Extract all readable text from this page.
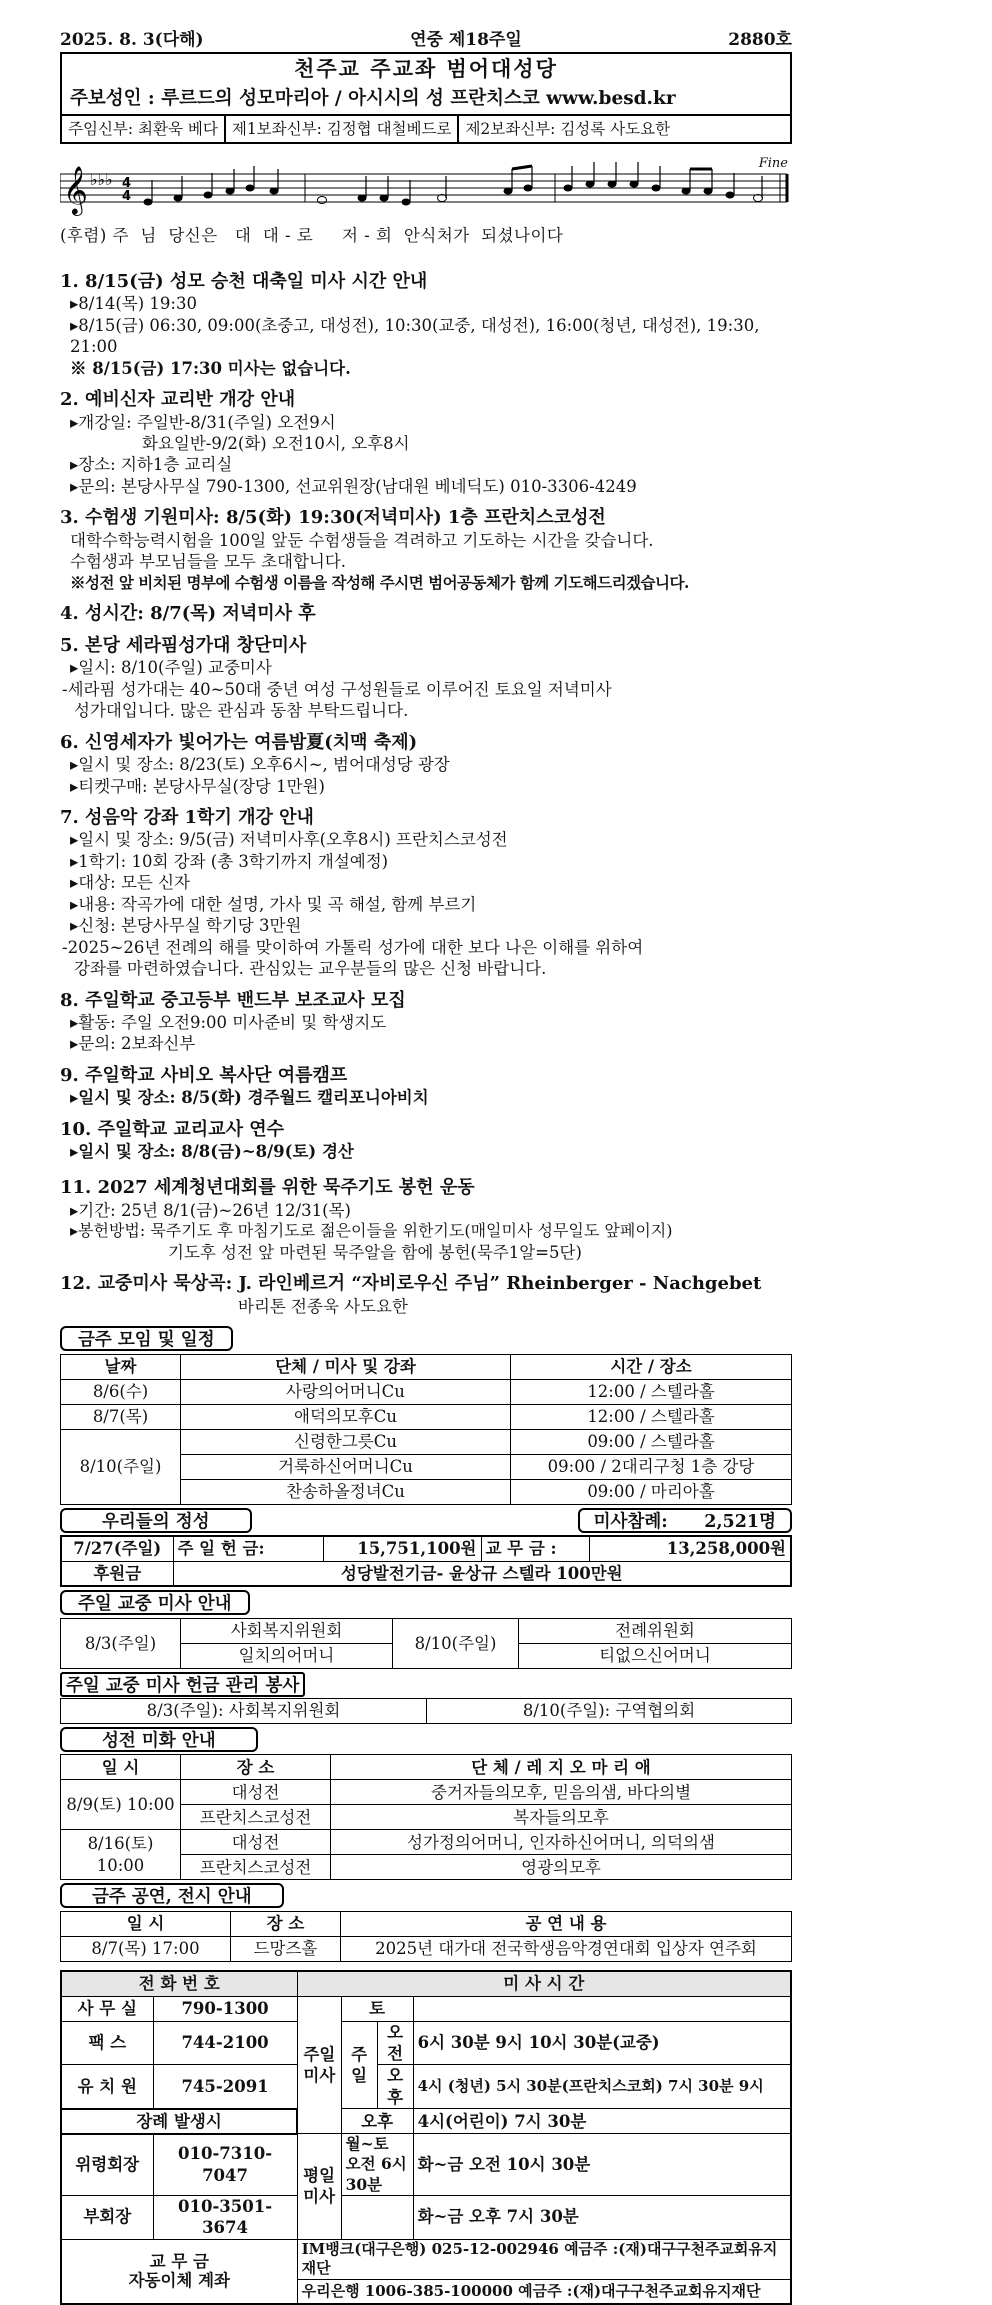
2025. 8. 3(다해)	연중 제18주일	2880호
천주교 주교좌 범어대성당
주보성인 : 루르드의 성모마리아 / 아시시의 성 프란치스코 www.besd.kr
주임신부: 최환욱 베다 제1보좌신부: 김정협 대철베드로 제2보좌신부: 김성록 사도요한
𝄞 ♭♭♭ 4
4
Fine
(후렴) 주  님  당신은   대  대 - 로     저 - 희  안식처가  되셨나이다
1. 8/15(금) 성모 승천 대축일 미사 시간 안내
▸8/14(목) 19:30
▸8/15(금) 06:30, 09:00(초중고, 대성전), 10:30(교중, 대성전), 16:00(청년, 대성전), 19:30, 21:00
※ 8/15(금) 17:30 미사는 없습니다.
2. 예비신자 교리반 개강 안내
▸개강일: 주일반-8/31(주일) 오전9시
화요일반-9/2(화) 오전10시, 오후8시
▸장소: 지하1층 교리실
▸문의: 본당사무실 790-1300, 선교위원장(남대원 베네딕도) 010-3306-4249
3. 수험생 기원미사: 8/5(화) 19:30(저녁미사) 1층 프란치스코성전
대학수학능력시험을 100일 앞둔 수험생들을 격려하고 기도하는 시간을 갖습니다.
수험생과 부모님들을 모두 초대합니다.
※성전 앞 비치된 명부에 수험생 이름을 작성해 주시면 범어공동체가 함께 기도해드리겠습니다.
4. 성시간: 8/7(목) 저녁미사 후
5. 본당 세라핌성가대 창단미사
▸일시: 8/10(주일) 교중미사
-세라핌 성가대는 40~50대 중년 여성 구성원들로 이루어진 토요일 저녁미사
성가대입니다. 많은 관심과 동참 부탁드립니다.
6. 신영세자가 빛어가는 여름밤夏(치맥 축제)
▸일시 및 장소: 8/23(토) 오후6시~, 범어대성당 광장
▸티켓구매: 본당사무실(장당 1만원)
7. 성음악 강좌 1학기 개강 안내
▸일시 및 장소: 9/5(금) 저녁미사후(오후8시) 프란치스코성전
▸1학기: 10회 강좌 (총 3학기까지 개설예정)
▸대상: 모든 신자
▸내용: 작곡가에 대한 설명, 가사 및 곡 해설, 함께 부르기
▸신청: 본당사무실 학기당 3만원
-2025~26년 전례의 해를 맞이하여 가톨릭 성가에 대한 보다 나은 이해를 위하여
강좌를 마련하였습니다. 관심있는 교우분들의 많은 신청 바랍니다.
8. 주일학교 중고등부 밴드부 보조교사 모집
▸활동: 주일 오전9:00 미사준비 및 학생지도
▸문의: 2보좌신부
9. 주일학교 사비오 복사단 여름캠프
▸일시 및 장소: 8/5(화) 경주월드 캘리포니아비치
10. 주일학교 교리교사 연수
▸일시 및 장소: 8/8(금)~8/9(토) 경산
11. 2027 세계청년대회를 위한 묵주기도 봉헌 운동
▸기간: 25년 8/1(금)~26년 12/31(목)
▸봉헌방법: 묵주기도 후 마침기도로 젊은이들을 위한기도(매일미사 성무일도 앞페이지)
기도후 성전 앞 마련된 묵주알을 함에 봉헌(묵주1알=5단)
12. 교중미사 묵상곡: J. 라인베르거 “자비로우신 주님” Rheinberger - Nachgebet
바리톤 전종욱 사도요한
금주 모임 및 일정
날짜	단체 / 미사 및 강좌	시간 / 장소
8/6(수)	사랑의어머니Cu	12:00 / 스텔라홀
8/7(목)	애덕의모후Cu	12:00 / 스텔라홀
8/10(주일)	신령한그릇Cu	09:00 / 스텔라홀
	거룩하신어머니Cu	09:00 / 2대리구청 1층 강당
	찬송하올정녀Cu	09:00 / 마리아홀
우리들의 정성	미사참례: 2,521명
7/27(주일)	주 일 헌 금:	15,751,100원	교 무 금 :	13,258,000원
후원금	성당발전기금- 윤상규 스텔라 100만원			
주일 교중 미사 안내
8/3(주일)	사회복지위원회	8/10(주일)	전례위원회
	일치의어머니		티없으신어머니
주일 교중 미사 헌금 관리 봉사
8/3(주일): 사회복지위원회	8/10(주일): 구역협의회
성전 미화 안내
일 시	장 소	단 체 / 레 지 오 마 리 애
8/9(토) 10:00	대성전	중거자들의모후, 믿음의샘, 바다의별
	프란치스코성전	복자들의모후
8/16(토) 10:00	대성전	성가정의어머니, 인자하신어머니, 의덕의샘
	프란치스코성전	영광의모후
금주 공연, 전시 안내
일 시	장 소	공 연 내 용
8/7(목) 17:00	드망즈홀	2025년 대가대 전국학생음악경연대회 입상자 연주회
전 화 번 호		미 사 시 간			
사 무 실	790-1300	주일미사	토	
팩 스	744-2100		주일	오전	6시 30분 9시 10시 30분(교중)
유 치 원	745-2091			오후	4시 (청년) 5시 30분(프란치스코회) 7시 30분 9시
장례 발생시			오후		4시(어린이) 7시 30분
위령회장	010-7310-7047	평일미사	월~토 오전 6시 30분		화~금 오전 10시 30분
부회장	010-3501-3674				화~금 오후 7시 30분

교 무 금
자동이체 계좌		IM뱅크(대구은행) 025-12-002946 예금주 :(재)대구구천주교회유지재단			
		우리은행 1006-385-100000 예금주 :(재)대구구천주교회유지재단			
